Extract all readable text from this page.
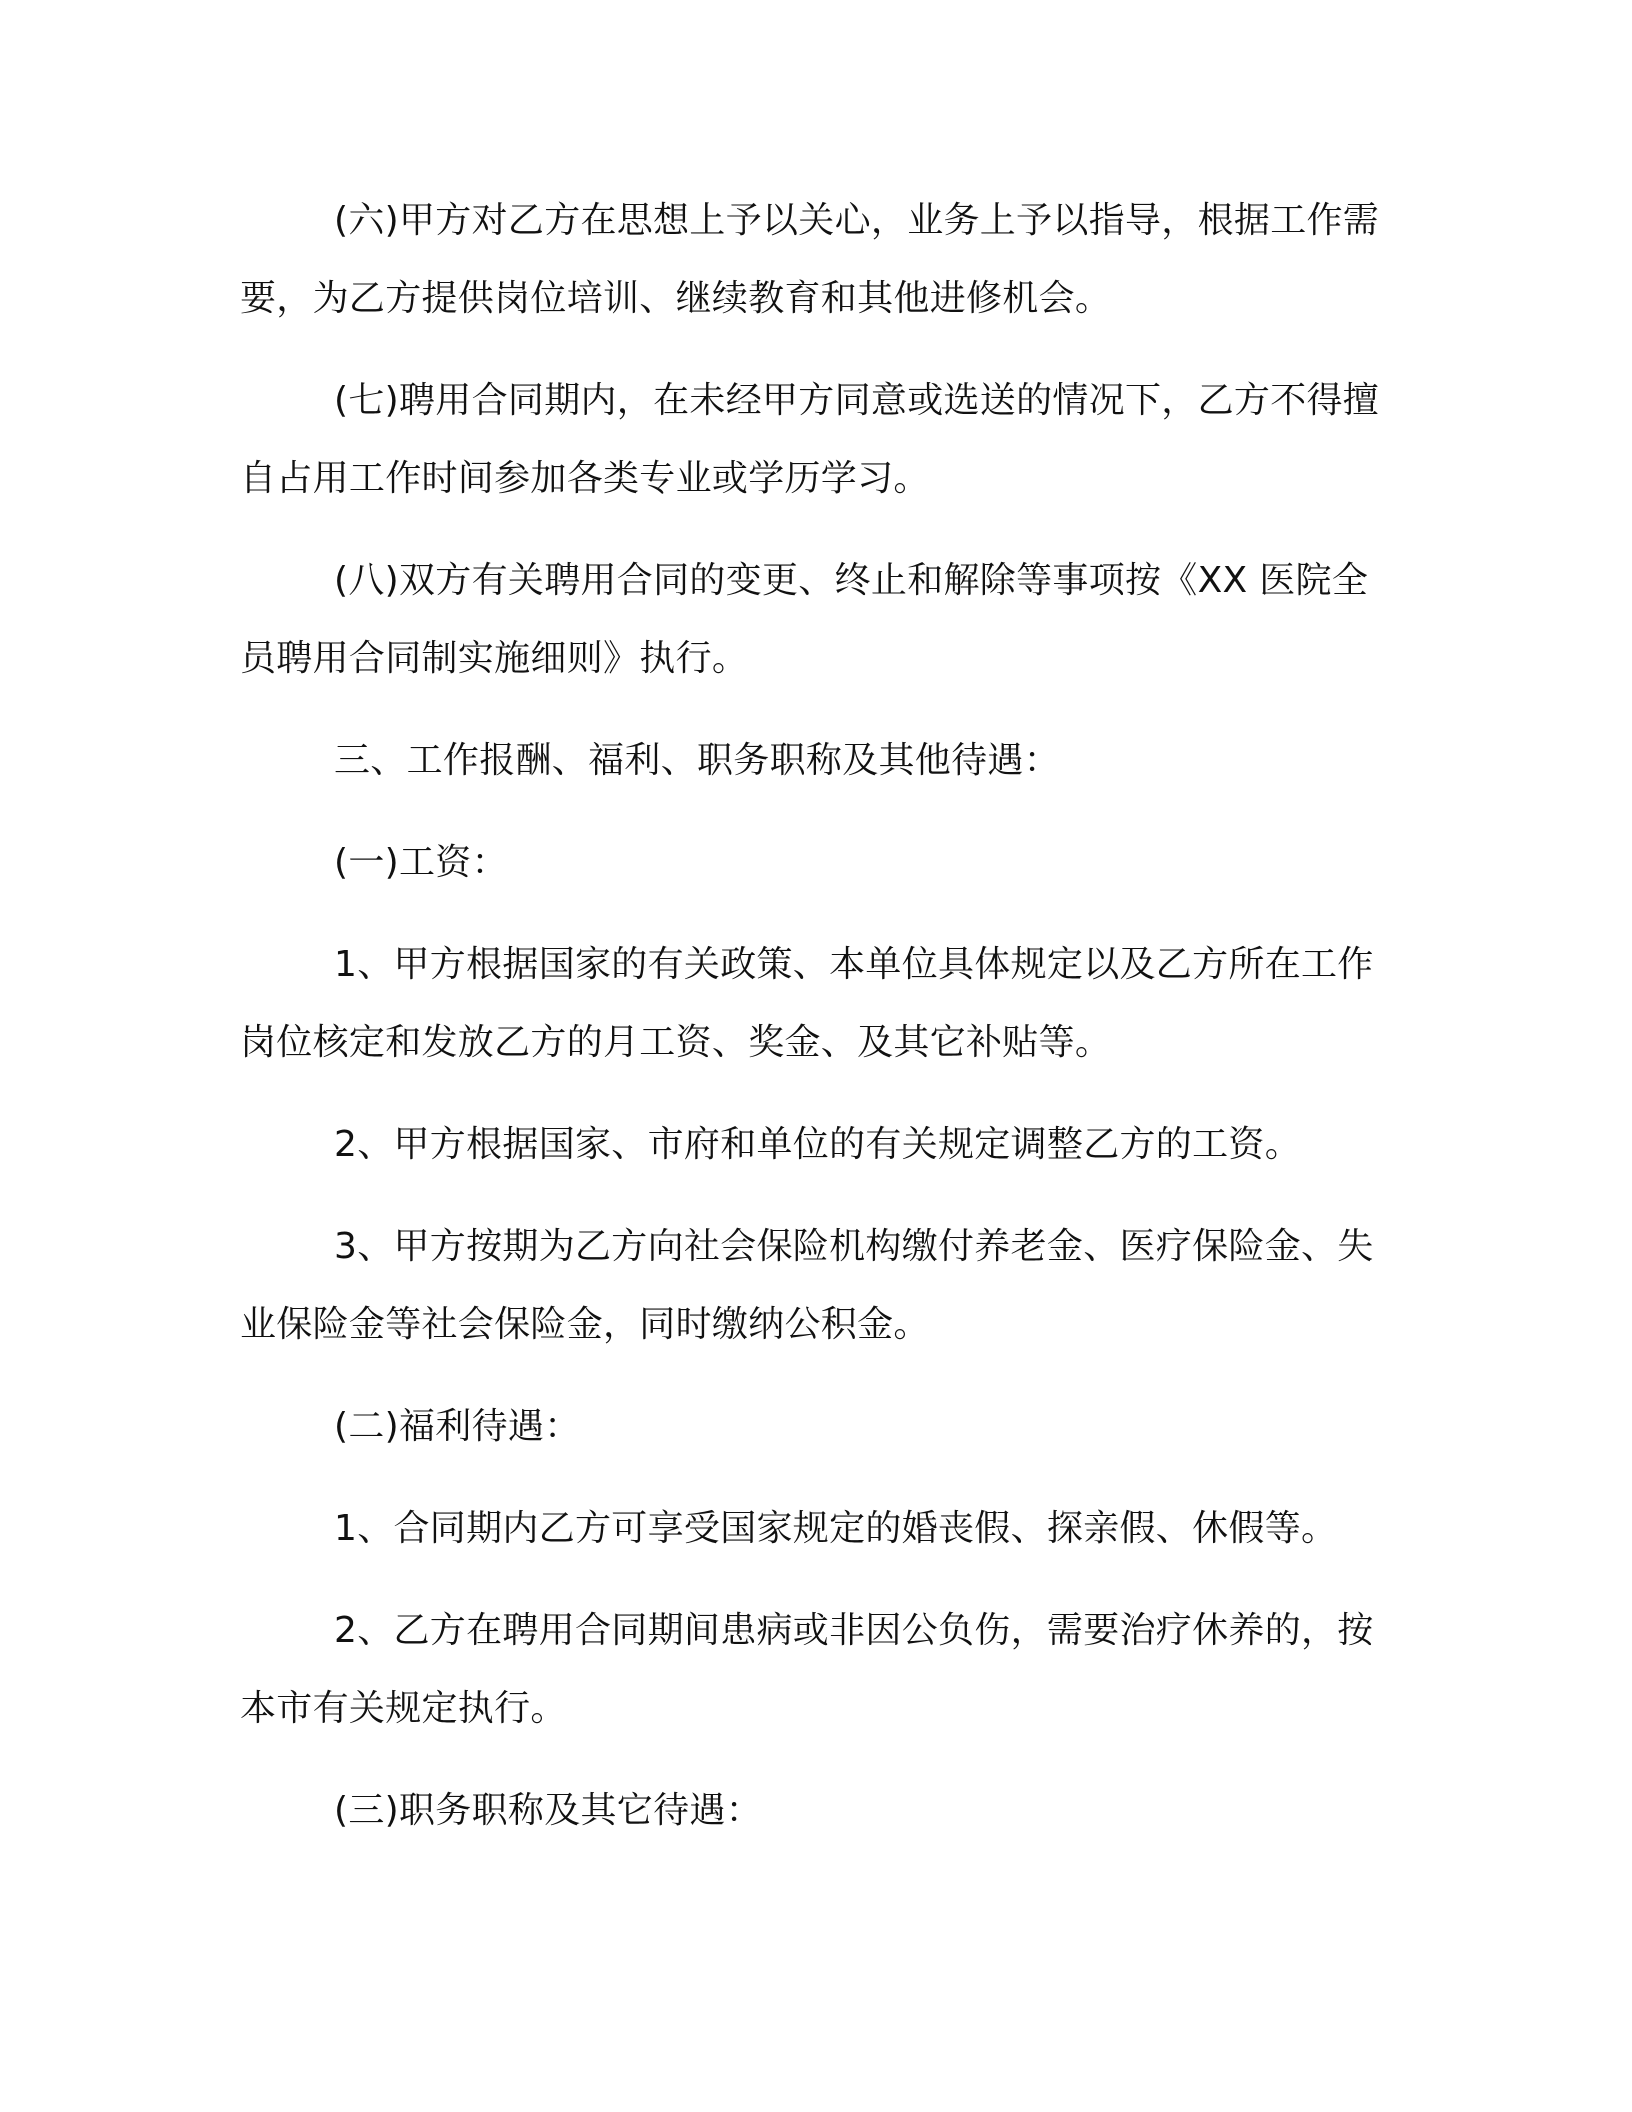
(六)甲方对乙方在思想上予以关心，业务上予以指导，根据工作需要，为乙方提供岗位培训、继续教育和其他进修机会。

(七)聘用合同期内，在未经甲方同意或选送的情况下，乙方不得擅自占用工作时间参加各类专业或学历学习。

(八)双方有关聘用合同的变更、终止和解除等事项按《XX 医院全员聘用合同制实施细则》执行。

三、工作报酬、福利、职务职称及其他待遇：

(一)工资：

1、甲方根据国家的有关政策、本单位具体规定以及乙方所在工作岗位核定和发放乙方的月工资、奖金、及其它补贴等。

2、甲方根据国家、市府和单位的有关规定调整乙方的工资。

3、甲方按期为乙方向社会保险机构缴付养老金、医疗保险金、失业保险金等社会保险金，同时缴纳公积金。

(二)福利待遇：

1、合同期内乙方可享受国家规定的婚丧假、探亲假、休假等。

2、乙方在聘用合同期间患病或非因公负伤，需要治疗休养的，按本市有关规定执行。

(三)职务职称及其它待遇：
